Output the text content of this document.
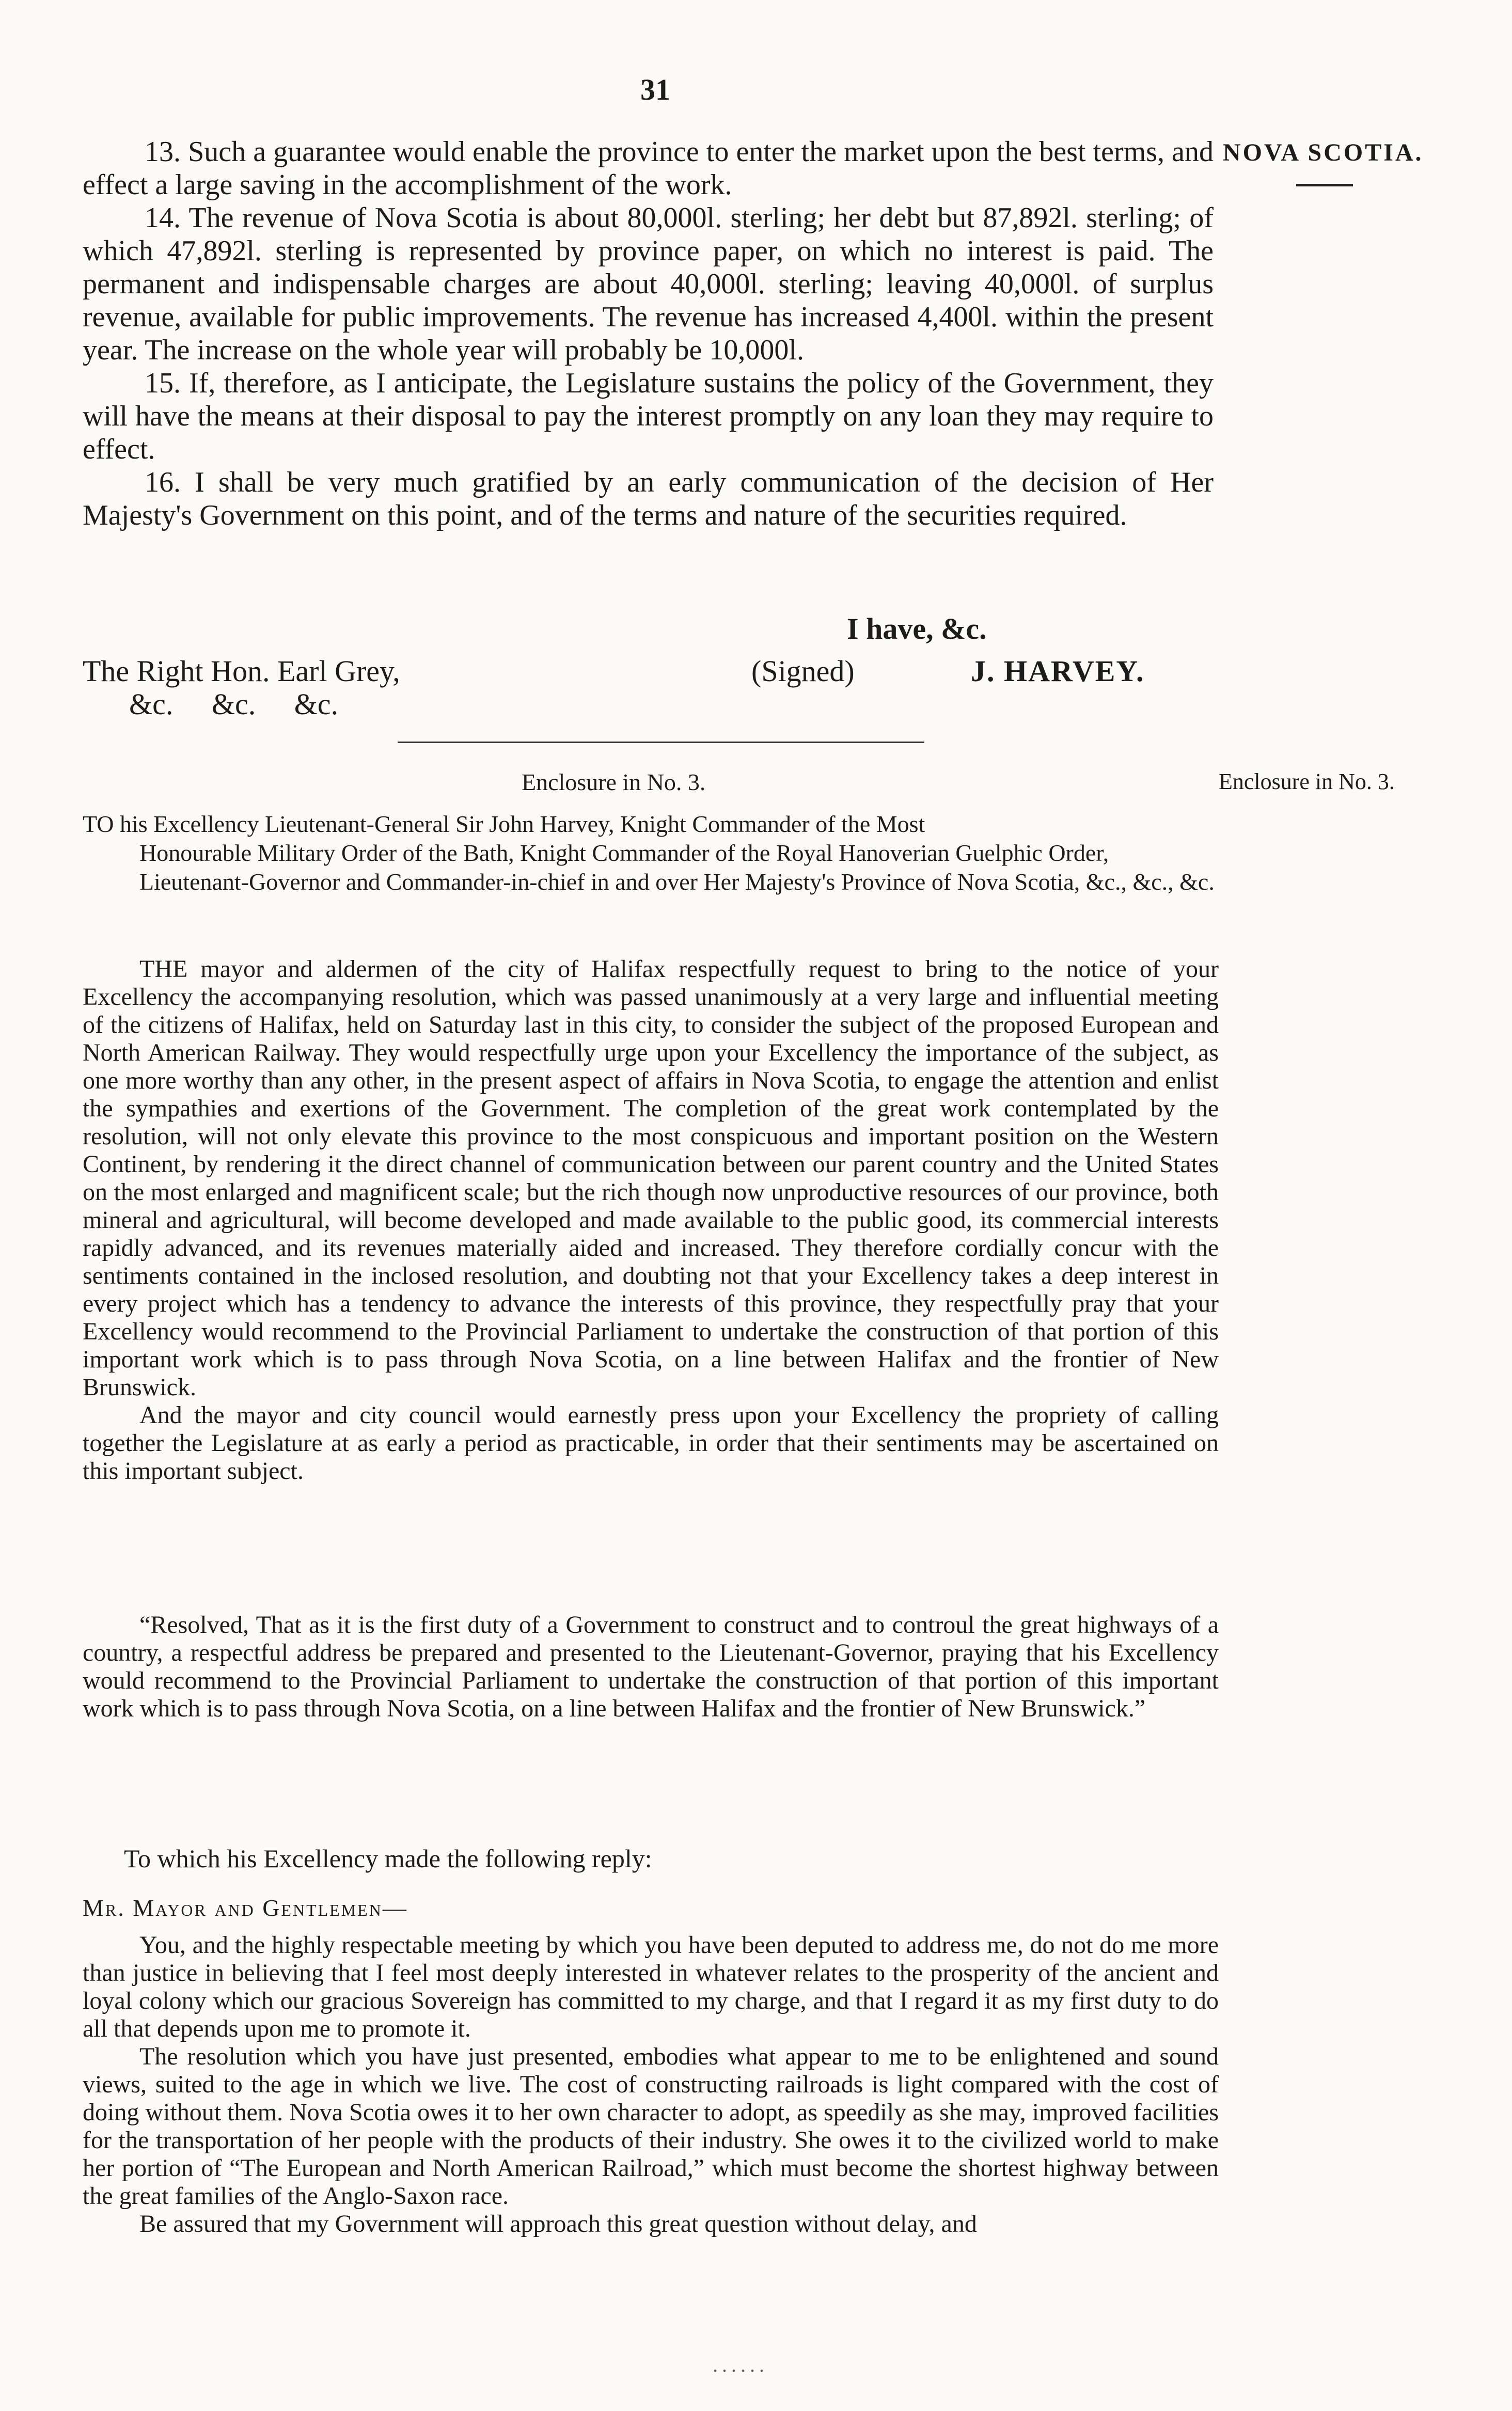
31
NOVA SCOTIA.

13. Such a guarantee would enable the province to enter the market upon the best terms, and effect a large saving in the accomplishment of the work.

14. The revenue of Nova Scotia is about 80,000l. sterling; her debt but 87,892l. sterling; of which 47,892l. sterling is represented by province paper, on which no interest is paid. The permanent and indispensable charges are about 40,000l. sterling; leaving 40,000l. of surplus revenue, available for public improvements. The revenue has increased 4,400l. within the present year. The increase on the whole year will probably be 10,000l.

15. If, therefore, as I anticipate, the Legislature sustains the policy of the Government, they will have the means at their disposal to pay the interest promptly on any loan they may require to effect.

16. I shall be very much gratified by an early communication of the decision of Her Majesty's Government on this point, and of the terms and nature of the securities required.

I have, &c.
(Signed)	J. HARVEY.
The Right Hon. Earl Grey,
&c. &c. &c.
Enclosure in No. 3.	Enclosure in No. 3.
TO his Excellency Lieutenant-General Sir John Harvey, Knight Commander of the Most
Honourable Military Order of the Bath, Knight Commander of the Royal Hanoverian Guelphic Order, Lieutenant-Governor and Commander-in-chief in and over Her Majesty's Province of Nova Scotia, &c., &c., &c.

THE mayor and aldermen of the city of Halifax respectfully request to bring to the notice of your Excellency the accompanying resolution, which was passed unanimously at a very large and influential meeting of the citizens of Halifax, held on Saturday last in this city, to consider the subject of the proposed European and North American Railway. They would respectfully urge upon your Excellency the importance of the subject, as one more worthy than any other, in the present aspect of affairs in Nova Scotia, to engage the attention and enlist the sympathies and exertions of the Government. The completion of the great work contemplated by the resolution, will not only elevate this province to the most conspicuous and important position on the Western Continent, by rendering it the direct channel of communication between our parent country and the United States on the most enlarged and magnificent scale; but the rich though now unproductive resources of our province, both mineral and agricultural, will become developed and made available to the public good, its commercial interests rapidly advanced, and its revenues materially aided and increased. They therefore cordially concur with the sentiments contained in the inclosed resolution, and doubting not that your Excellency takes a deep interest in every project which has a tendency to advance the interests of this province, they respectfully pray that your Excellency would recommend to the Provincial Parliament to undertake the construction of that portion of this important work which is to pass through Nova Scotia, on a line between Halifax and the frontier of New Brunswick.

And the mayor and city council would earnestly press upon your Excellency the propriety of calling together the Legislature at as early a period as practicable, in order that their sentiments may be ascertained on this important subject.

“Resolved, That as it is the first duty of a Government to construct and to controul the great highways of a country, a respectful address be prepared and presented to the Lieutenant-Governor, praying that his Excellency would recommend to the Provincial Parliament to undertake the construction of that portion of this important work which is to pass through Nova Scotia, on a line between Halifax and the frontier of New Brunswick.”

To which his Excellency made the following reply:
Mr. Mayor and Gentlemen—

You, and the highly respectable meeting by which you have been deputed to address me, do not do me more than justice in believing that I feel most deeply interested in whatever relates to the prosperity of the ancient and loyal colony which our gracious Sovereign has committed to my charge, and that I regard it as my first duty to do all that depends upon me to promote it.

The resolution which you have just presented, embodies what appear to me to be enlightened and sound views, suited to the age in which we live. The cost of constructing railroads is light compared with the cost of doing without them. Nova Scotia owes it to her own character to adopt, as speedily as she may, improved facilities for the transportation of her people with the products of their industry. She owes it to the civilized world to make her portion of “The European and North American Railroad,” which must become the shortest highway between the great families of the Anglo-Saxon race.

Be assured that my Government will approach this great question without delay, and

......
